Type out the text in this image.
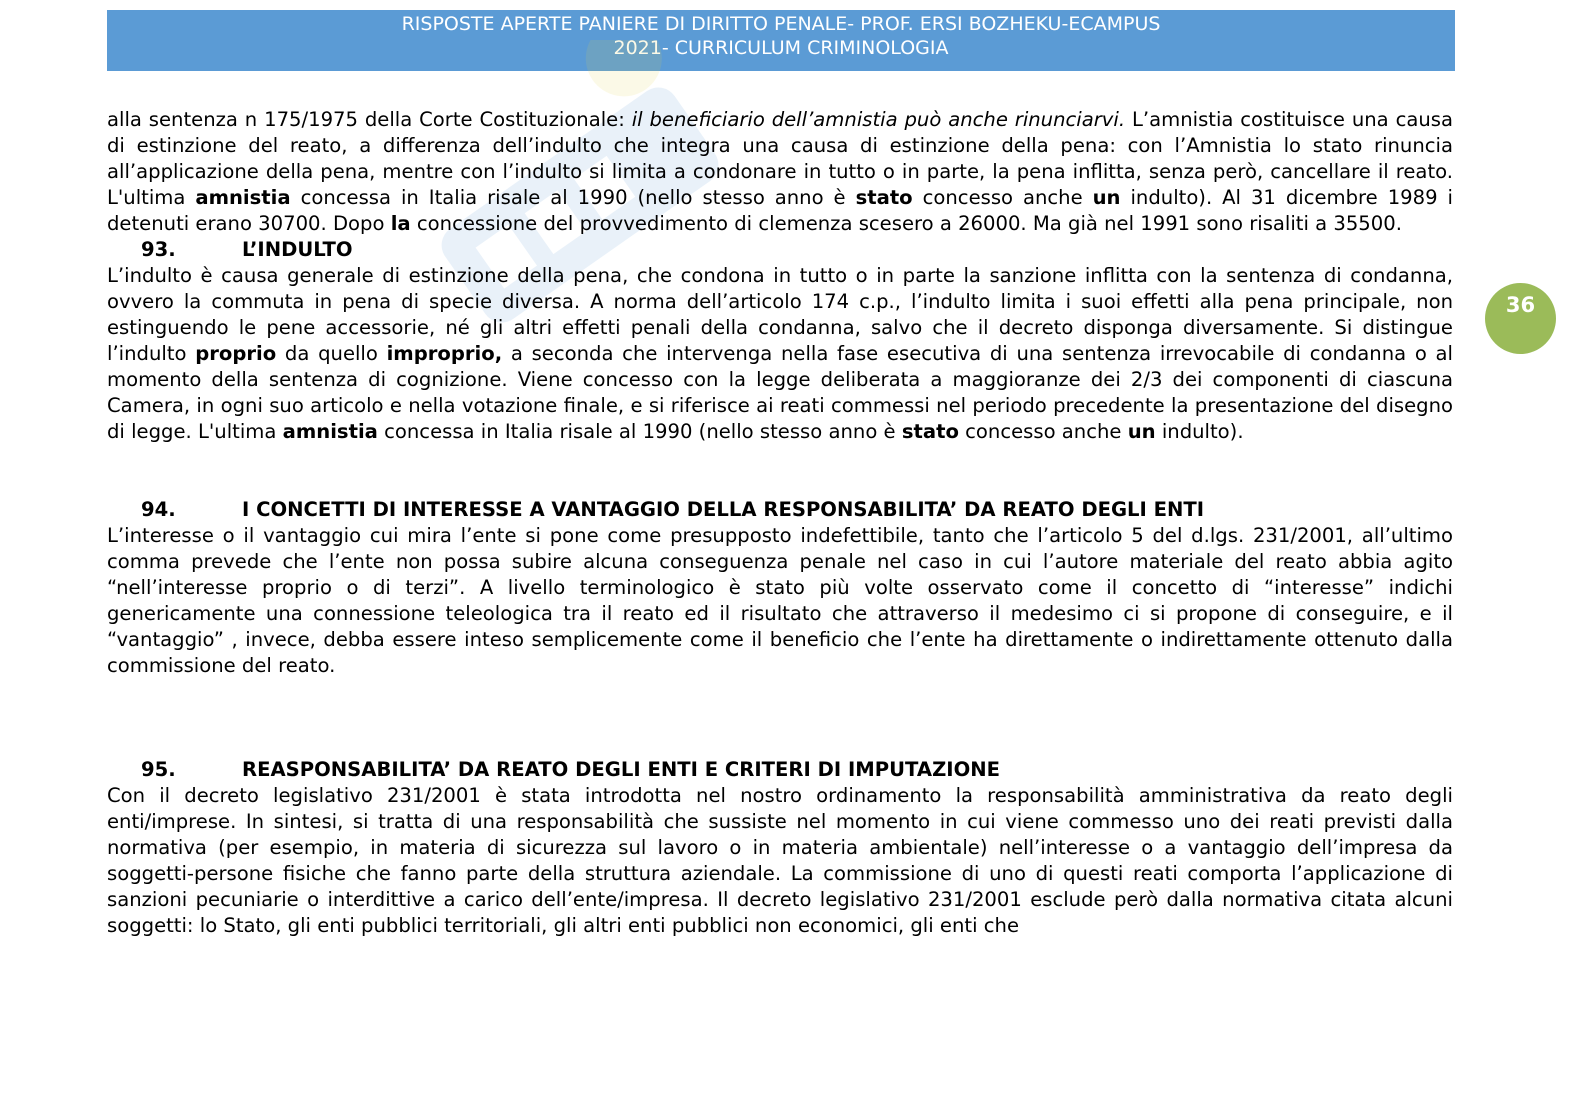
RISPOSTE APERTE PANIERE DI DIRITTO PENALE- PROF. ERSI BOZHEKU-ECAMPUS
2021- CURRICULUM CRIMINOLOGIA
36

alla sentenza n 175/1975 della Corte Costituzionale: il beneficiario dell’amnistia può anche rinunciarvi. L’amnistia costituisce una causa di estinzione del reato, a differenza dell’indulto che integra una causa di estinzione della pena: con l’Amnistia lo stato rinuncia all’applicazione della pena, mentre con l’indulto si limita a condonare in tutto o in parte, la pena inflitta, senza però, cancellare il reato. L'ultima amnistia concessa in Italia risale al 1990 (nello stesso anno è stato concesso anche un indulto). Al 31 dicembre 1989 i detenuti erano 30700. Dopo la concessione del provvedimento di clemenza scesero a 26000. Ma già nel 1991 sono risaliti a 35500.

93.	L’INDULTO

L’indulto è causa generale di estinzione della pena, che condona in tutto o in parte la sanzione inflitta con la sentenza di condanna, ovvero la commuta in pena di specie diversa. A norma dell’articolo 174 c.p., l’indulto limita i suoi effetti alla pena principale, non estinguendo le pene accessorie, né gli altri effetti penali della condanna, salvo che il decreto disponga diversamente. Si distingue l’indulto proprio da quello improprio, a seconda che intervenga nella fase esecutiva di una sentenza irrevocabile di condanna o al momento della sentenza di cognizione. Viene concesso con la legge deliberata a maggioranze dei 2/3 dei componenti di ciascuna Camera, in ogni suo articolo e nella votazione finale, e si riferisce ai reati commessi nel periodo precedente la presentazione del disegno di legge. L'ultima amnistia concessa in Italia risale al 1990 (nello stesso anno è stato concesso anche un indulto).

94.	I CONCETTI DI INTERESSE A VANTAGGIO DELLA RESPONSABILITA’ DA REATO DEGLI ENTI

L’interesse o il vantaggio cui mira l’ente si pone come presupposto indefettibile, tanto che l’articolo 5 del d.lgs. 231/2001, all’ultimo comma prevede che l’ente non possa subire alcuna conseguenza penale nel caso in cui l’autore materiale del reato abbia agito “nell’interesse proprio o di terzi”. A livello terminologico è stato più volte osservato come il concetto di “interesse” indichi genericamente una connessione teleologica tra il reato ed il risultato che attraverso il medesimo ci si propone di conseguire, e il “vantaggio” , invece, debba essere inteso semplicemente come il beneficio che l’ente ha direttamente o indirettamente ottenuto dalla commissione del reato.

95.	REASPONSABILITA’ DA REATO DEGLI ENTI E CRITERI DI IMPUTAZIONE

Con il decreto legislativo 231/2001 è stata introdotta nel nostro ordinamento la responsabilità amministrativa da reato degli enti/imprese. In sintesi, si tratta di una responsabilità che sussiste nel momento in cui viene commesso uno dei reati previsti dalla normativa (per esempio, in materia di sicurezza sul lavoro o in materia ambientale) nell’interesse o a vantaggio dell’impresa da soggetti-persone fisiche che fanno parte della struttura aziendale. La commissione di uno di questi reati comporta l’applicazione di sanzioni pecuniarie o interdittive a carico dell’ente/impresa. Il decreto legislativo 231/2001 esclude però dalla normativa citata alcuni soggetti: lo Stato, gli enti pubblici territoriali, gli altri enti pubblici non economici, gli enti che
